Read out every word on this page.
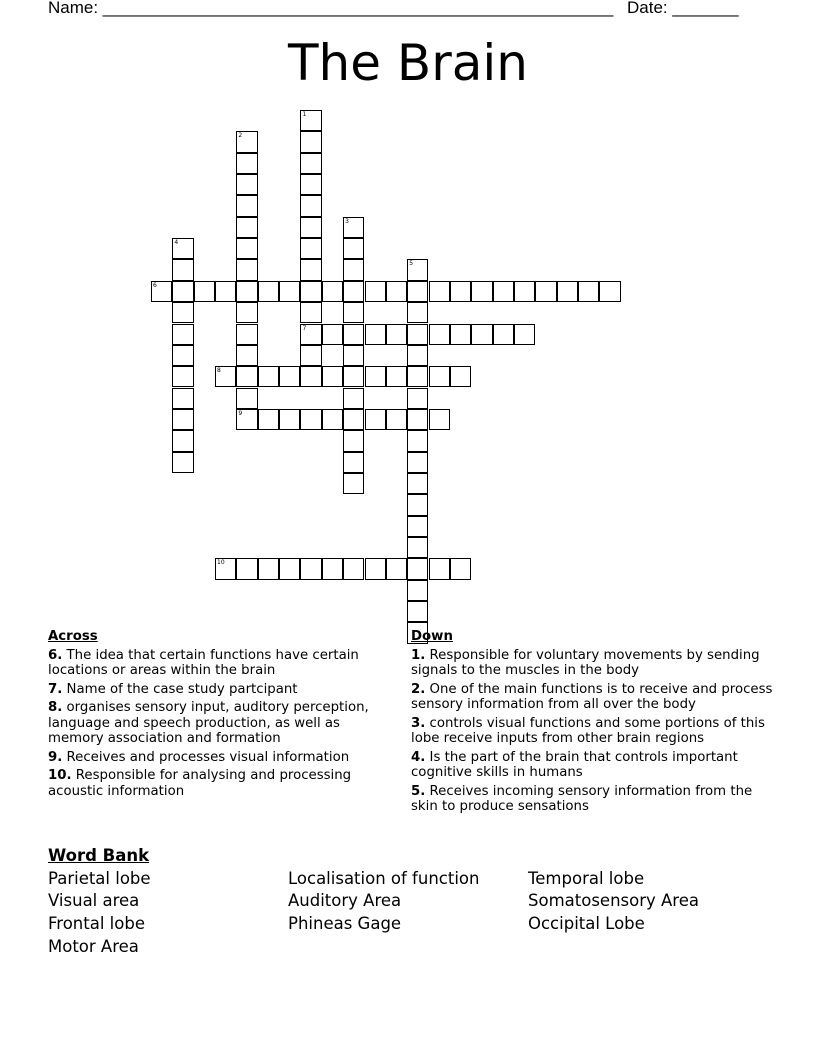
Name: ______________________________________________________ Date: _______
The Brain
1
7
2
3
4
5
6
8
9
10
Across
6. The idea that certain functions have certain locations or areas within the brain
7. Name of the case study partcipant
8. organises sensory input, auditory perception, language and speech production, as well as memory association and formation
9. Receives and processes visual information
10. Responsible for analysing and processing acoustic information
Down
1. Responsible for voluntary movements by sending signals to the muscles in the body
2. One of the main functions is to receive and process sensory information from all over the body
3. controls visual functions and some portions of this lobe receive inputs from other brain regions
4. Is the part of the brain that controls important cognitive skills in humans
5. Receives incoming sensory information from the skin to produce sensations
Word Bank
Parietal lobe	Localisation of function	Temporal lobe
Visual area	Auditory Area	Somatosensory Area
Frontal lobe	Phineas Gage	Occipital Lobe
Motor Area
